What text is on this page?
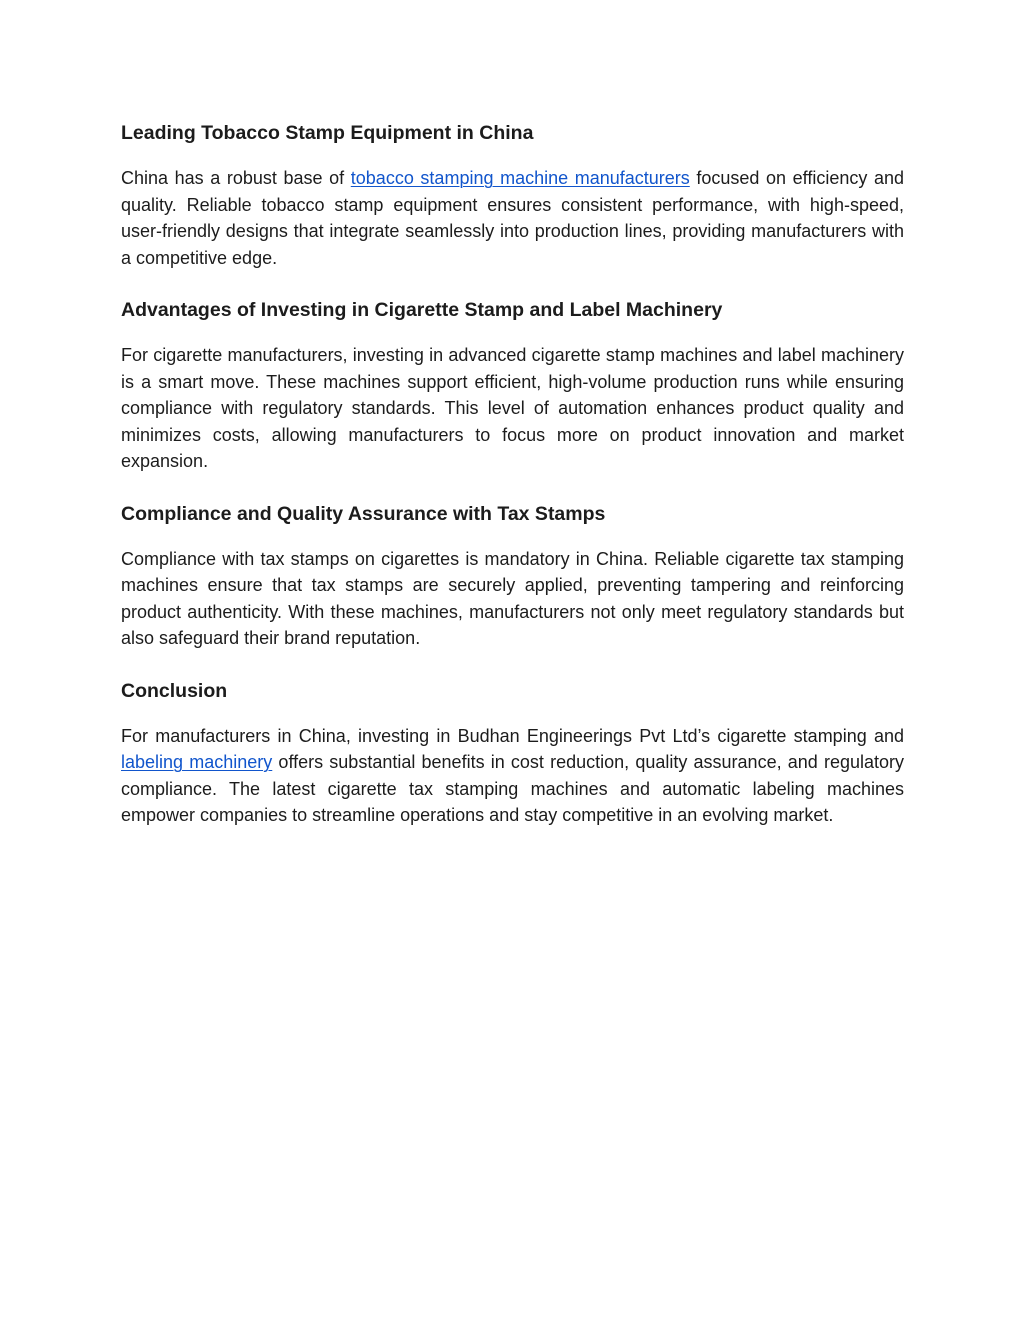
Leading Tobacco Stamp Equipment in China

China has a robust base of tobacco stamping machine manufacturers focused on efficiency and quality. Reliable tobacco stamp equipment ensures consistent performance, with high-speed, user-friendly designs that integrate seamlessly into production lines, providing manufacturers with a competitive edge.

Advantages of Investing in Cigarette Stamp and Label Machinery

For cigarette manufacturers, investing in advanced cigarette stamp machines and label machinery is a smart move. These machines support efficient, high-volume production runs while ensuring compliance with regulatory standards. This level of automation enhances product quality and minimizes costs, allowing manufacturers to focus more on product innovation and market expansion.

Compliance and Quality Assurance with Tax Stamps

Compliance with tax stamps on cigarettes is mandatory in China. Reliable cigarette tax stamping machines ensure that tax stamps are securely applied, preventing tampering and reinforcing product authenticity. With these machines, manufacturers not only meet regulatory standards but also safeguard their brand reputation.

Conclusion

For manufacturers in China, investing in Budhan Engineerings Pvt Ltd’s cigarette stamping and labeling machinery offers substantial benefits in cost reduction, quality assurance, and regulatory compliance. The latest cigarette tax stamping machines and automatic labeling machines empower companies to streamline operations and stay competitive in an evolving market.
